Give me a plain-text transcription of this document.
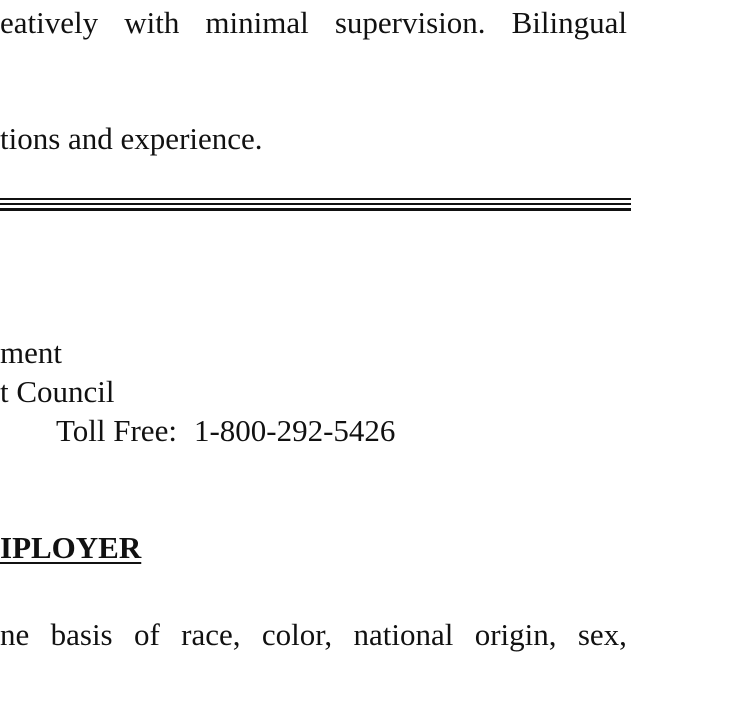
eatively with minimal supervision. Bilingual
tions and experience.
ment
t Council
Toll Free: 1-800-292-5426
IPLOYER
ne basis of race, color, national origin, sex,
